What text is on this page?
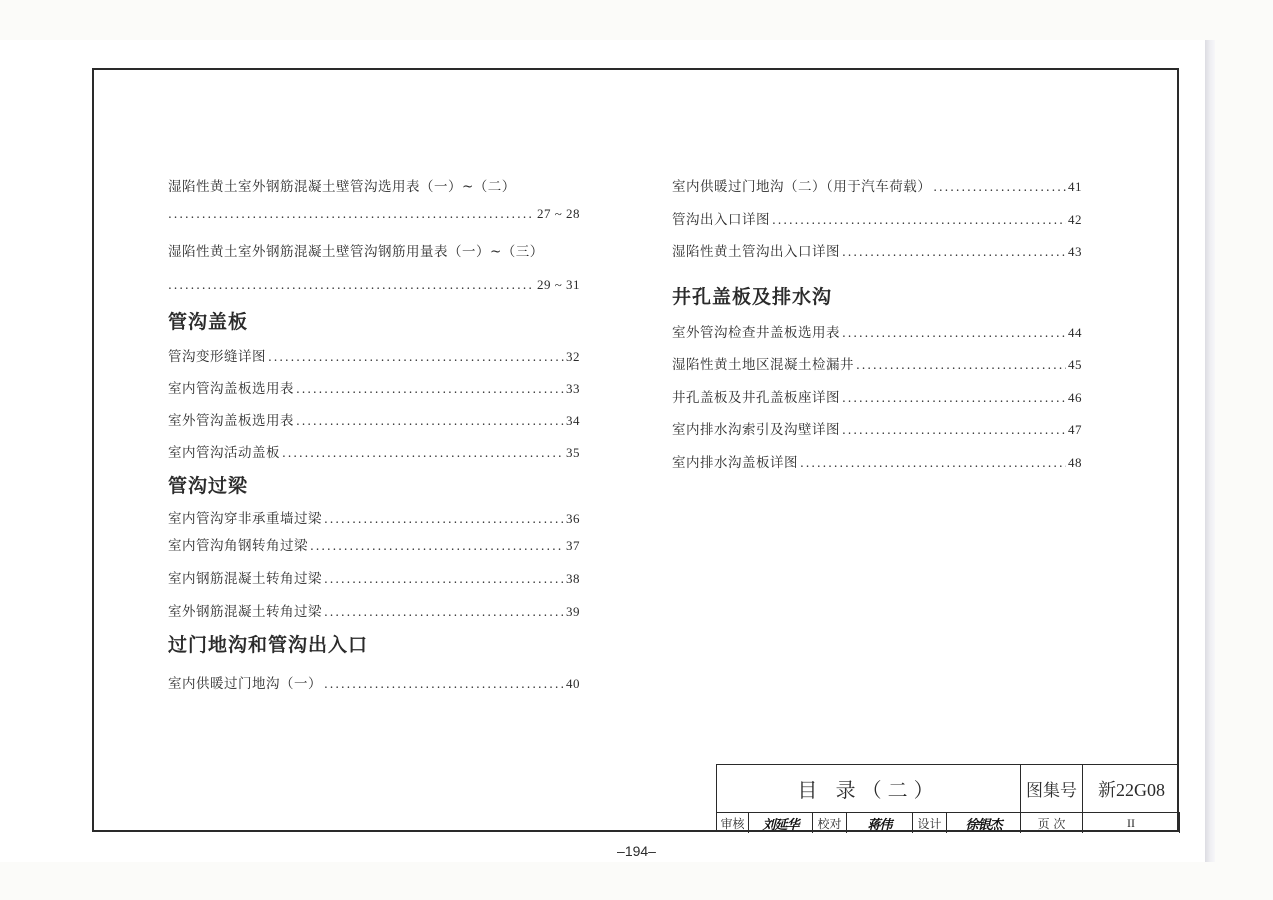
湿陷性黄土室外钢筋混凝土壁管沟选用表（一）~（二）
. . .
27 ~ 28
湿陷性黄土室外钢筋混凝土壁管沟钢筋用量表（一）~（三）
. . .
29 ~ 31
管沟盖板
管沟变形缝详图 . . .	32
室内管沟盖板选用表 . . .	33
室外管沟盖板选用表 . . .	34
室内管沟活动盖板 . . .	35
管沟过梁
室内管沟穿非承重墙过梁 . . .	36
室内管沟角钢转角过梁 . . .	37
室内钢筋混凝土转角过梁 . . .	38
室外钢筋混凝土转角过梁 . . .	39
过门地沟和管沟出入口
室内供暖过门地沟（一） . . .	40
室内供暖过门地沟（二）（用于汽车荷载） . . .	41
管沟出入口详图 . . .	42
湿陷性黄土管沟出入口详图 . . .	43
井孔盖板及排水沟
室外管沟检查井盖板选用表 . . .	44
湿陷性黄土地区混凝土检漏井 . . .	45
井孔盖板及井孔盖板座详图 . . .	46
室内排水沟索引及沟壁详图 . . .	47
室内排水沟盖板详图 . . .	48
目 录（二）	图集号	新22G08
审核	刘延华	校对	蒋伟	设计	徐银杰	页 次	II
–194–
